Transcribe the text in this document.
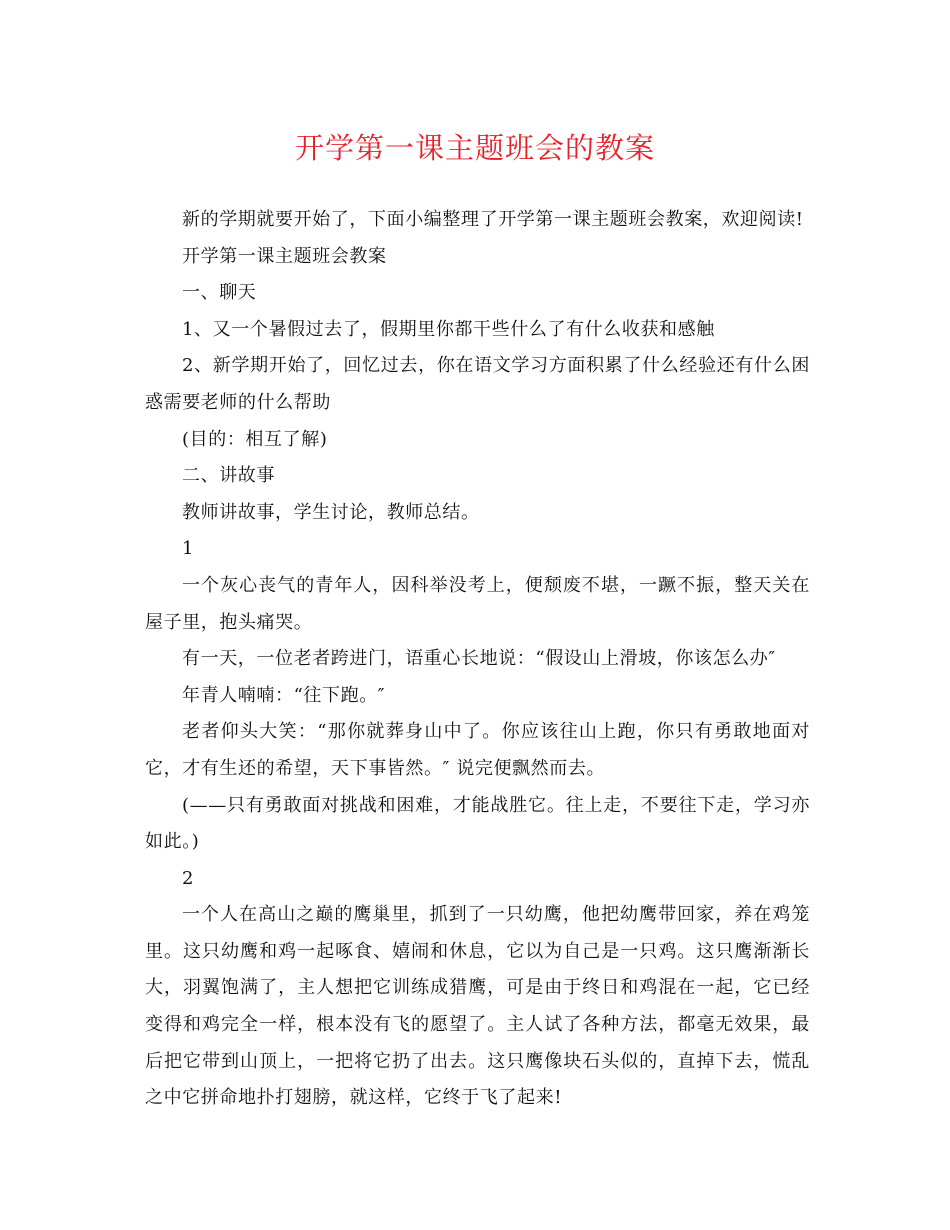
开学第一课主题班会的教案

新的学期就要开始了，下面小编整理了开学第一课主题班会教案，欢迎阅读!

开学第一课主题班会教案

一、聊天

1、又一个暑假过去了，假期里你都干些什么了有什么收获和感触

2、新学期开始了，回忆过去，你在语文学习方面积累了什么经验还有什么困惑需要老师的什么帮助

(目的：相互了解)

二、讲故事

教师讲故事，学生讨论，教师总结。

1

一个灰心丧气的青年人，因科举没考上，便颓废不堪，一蹶不振，整天关在屋子里，抱头痛哭。

有一天，一位老者跨进门，语重心长地说：“假设山上滑坡，你该怎么办″

年青人喃喃：“往下跑。″

老者仰头大笑：“那你就葬身山中了。你应该往山上跑，你只有勇敢地面对它，才有生还的希望，天下事皆然。″ 说完便飘然而去。

(——只有勇敢面对挑战和困难，才能战胜它。往上走，不要往下走，学习亦如此。)

2

一个人在高山之巅的鹰巢里，抓到了一只幼鹰，他把幼鹰带回家，养在鸡笼里。这只幼鹰和鸡一起啄食、嬉闹和休息，它以为自己是一只鸡。这只鹰渐渐长大，羽翼饱满了，主人想把它训练成猎鹰，可是由于终日和鸡混在一起，它已经变得和鸡完全一样，根本没有飞的愿望了。主人试了各种方法，都毫无效果，最后把它带到山顶上，一把将它扔了出去。这只鹰像块石头似的，直掉下去，慌乱之中它拼命地扑打翅膀，就这样，它终于飞了起来!
